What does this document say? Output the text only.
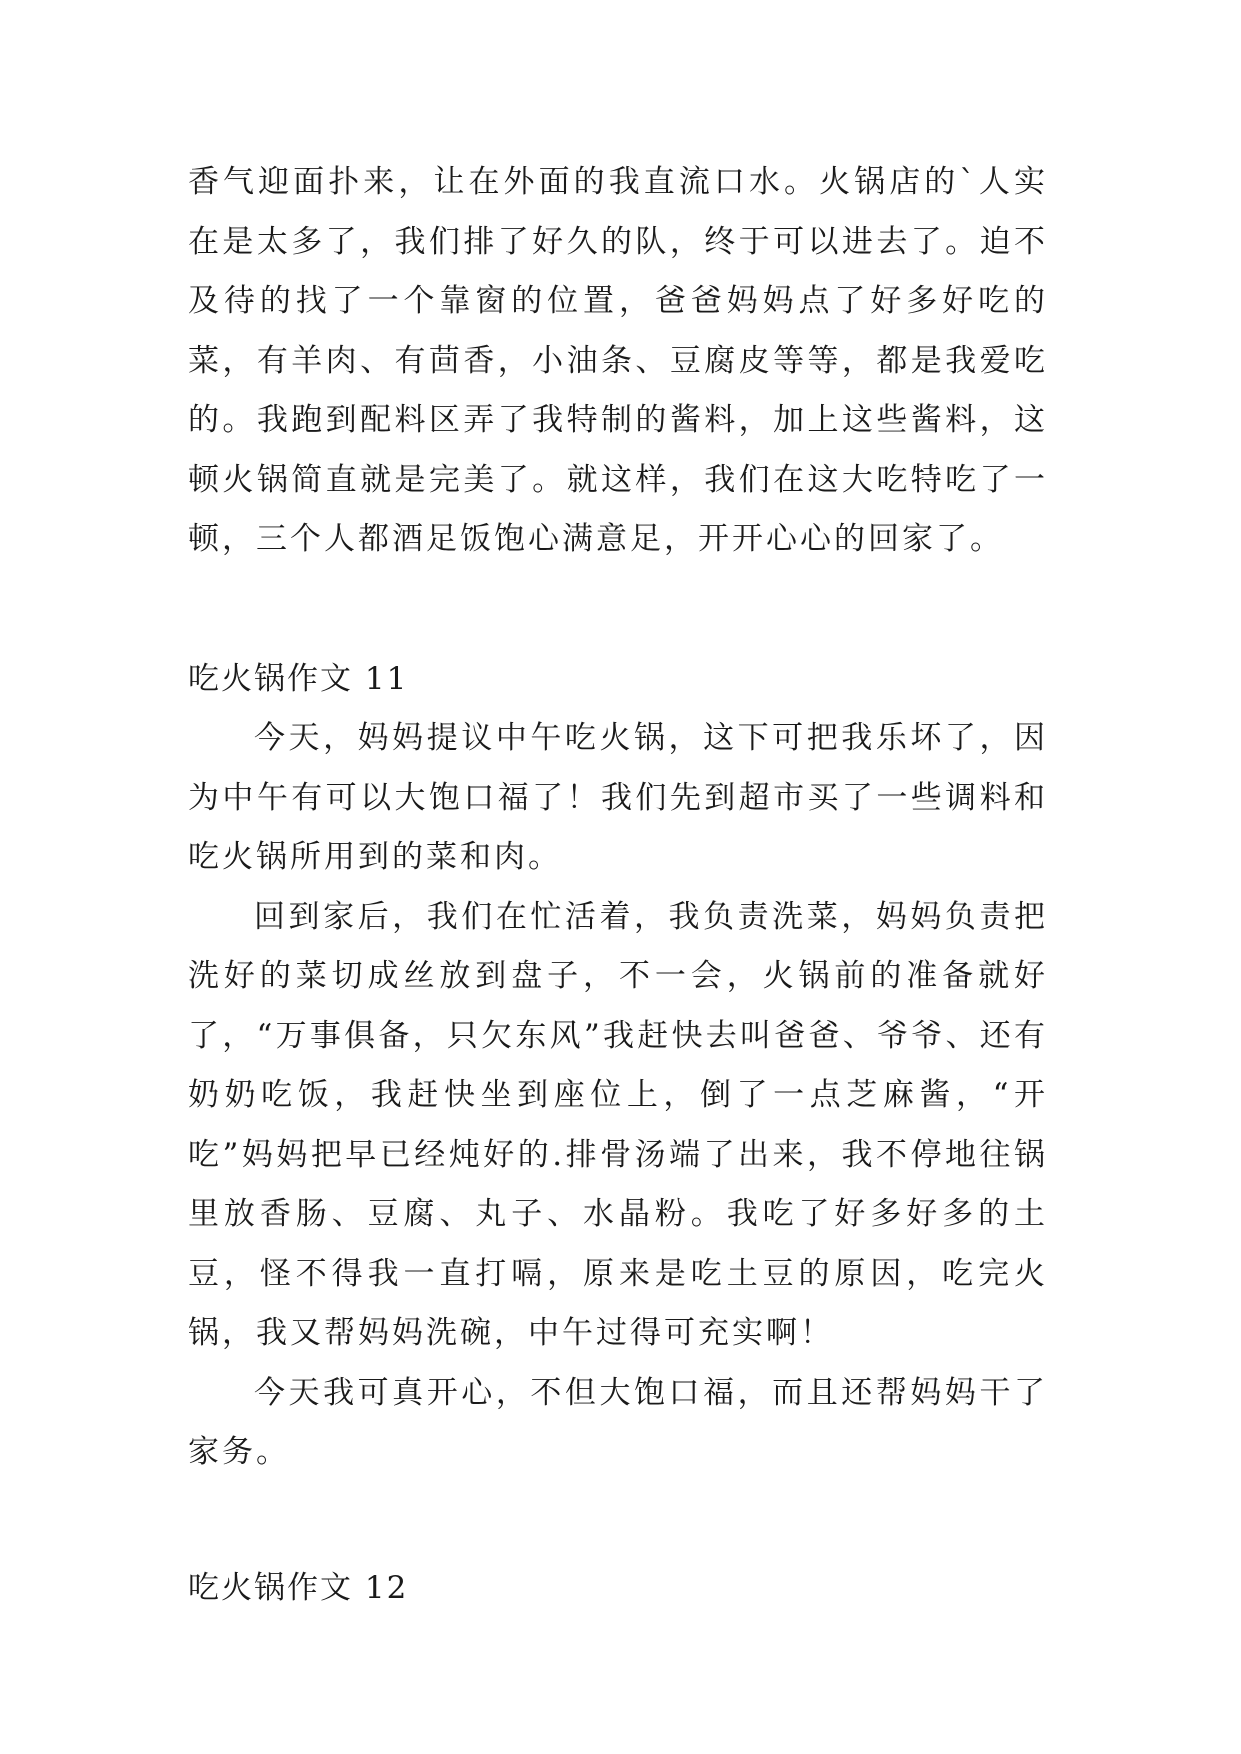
香气迎面扑来，让在外面的我直流口水。火锅店的`人实在是太多了，我们排了好久的队，终于可以进去了。迫不及待的找了一个靠窗的位置，爸爸妈妈点了好多好吃的菜，有羊肉、有茴香，小油条、豆腐皮等等，都是我爱吃的。我跑到配料区弄了我特制的酱料，加上这些酱料，这顿火锅简直就是完美了。就这样，我们在这大吃特吃了一顿，三个人都酒足饭饱心满意足，开开心心的回家了。

吃火锅作文 11

今天，妈妈提议中午吃火锅，这下可把我乐坏了，因为中午有可以大饱口福了！我们先到超市买了一些调料和吃火锅所用到的菜和肉。

回到家后，我们在忙活着，我负责洗菜，妈妈负责把洗好的菜切成丝放到盘子，不一会，火锅前的准备就好了，“万事俱备，只欠东风”我赶快去叫爸爸、爷爷、还有奶奶吃饭，我赶快坐到座位上，倒了一点芝麻酱，“开吃”妈妈把早已经炖好的.排骨汤端了出来，我不停地往锅里放香肠、豆腐、丸子、水晶粉。我吃了好多好多的土豆，怪不得我一直打嗝，原来是吃土豆的原因，吃完火锅，我又帮妈妈洗碗，中午过得可充实啊！

今天我可真开心，不但大饱口福，而且还帮妈妈干了家务。

吃火锅作文 12
